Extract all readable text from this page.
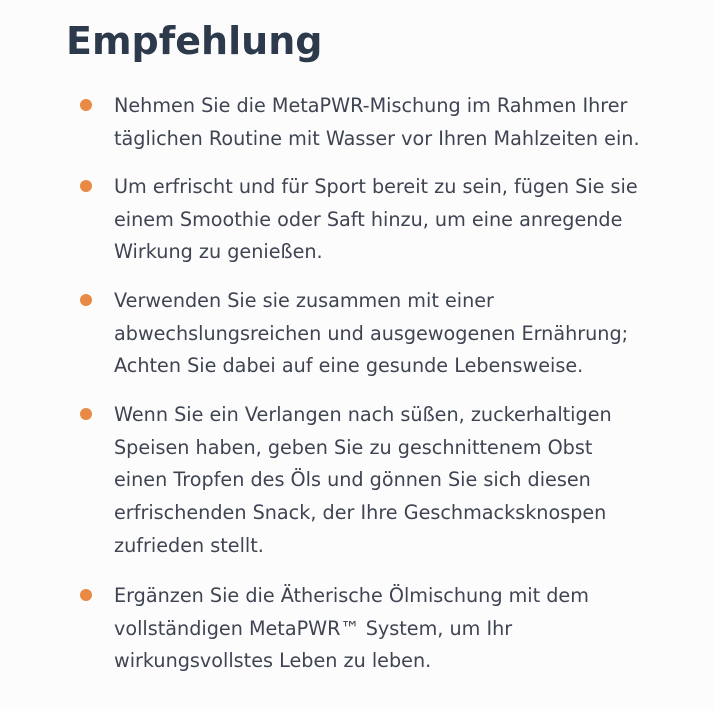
Empfehlung

Nehmen Sie die MetaPWR-Mischung im Rahmen Ihrer
täglichen Routine mit Wasser vor Ihren Mahlzeiten ein.

Um erfrischt und für Sport bereit zu sein, fügen Sie sie
einem Smoothie oder Saft hinzu, um eine anregende
Wirkung zu genießen.

Verwenden Sie sie zusammen mit einer
abwechslungsreichen und ausgewogenen Ernährung;
Achten Sie dabei auf eine gesunde Lebensweise.

Wenn Sie ein Verlangen nach süßen, zuckerhaltigen
Speisen haben, geben Sie zu geschnittenem Obst
einen Tropfen des Öls und gönnen Sie sich diesen
erfrischenden Snack, der Ihre Geschmacksknospen
zufrieden stellt.

Ergänzen Sie die Ätherische Ölmischung mit dem
vollständigen MetaPWR™ System, um Ihr
wirkungsvollstes Leben zu leben.
